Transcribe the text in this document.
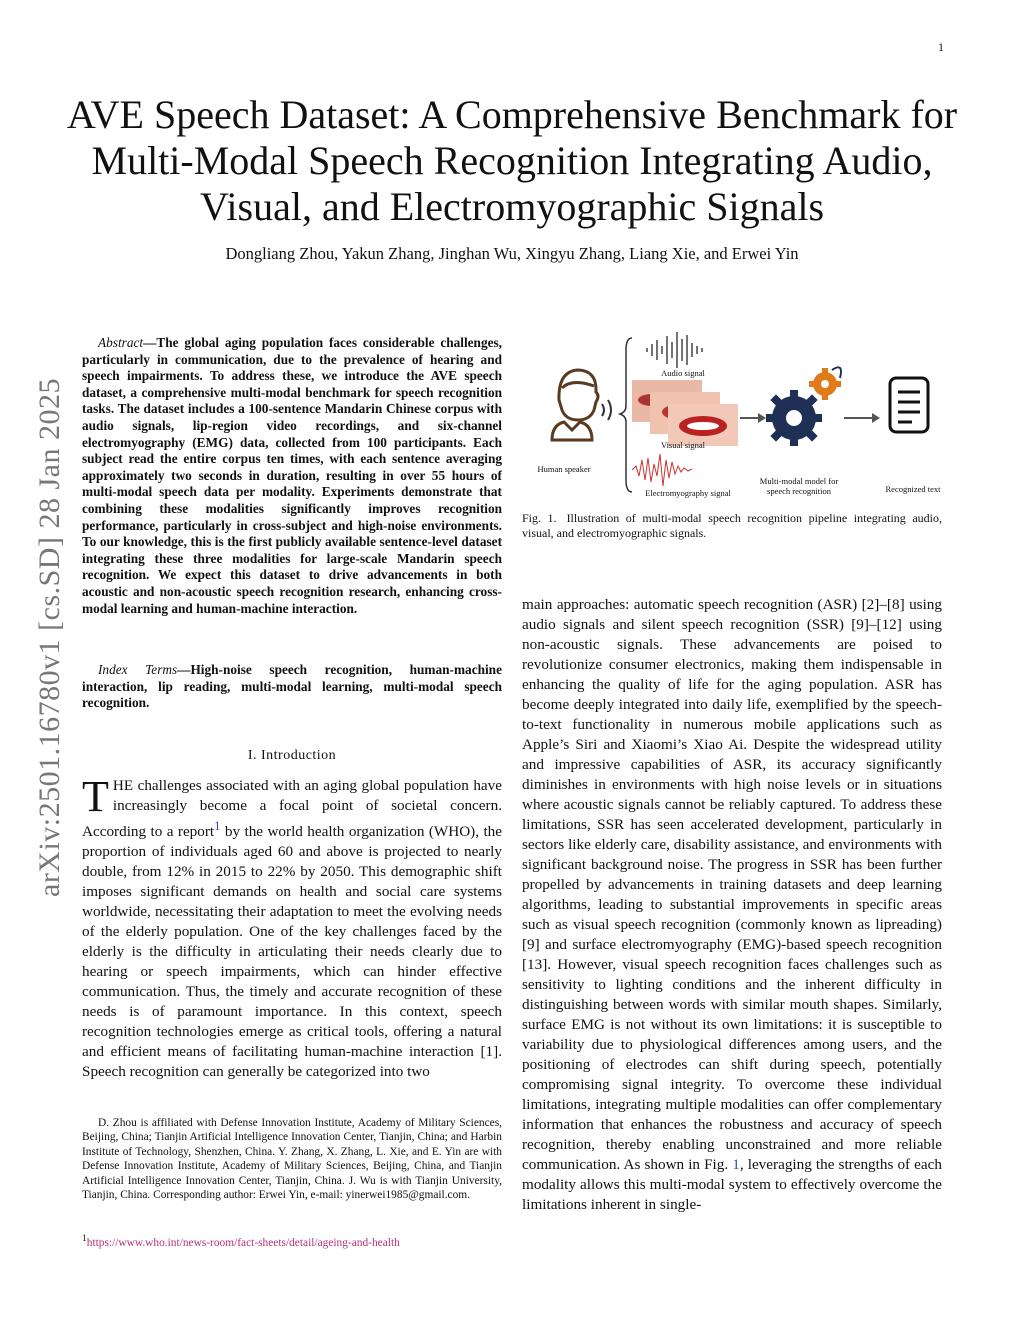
1
arXiv:2501.16780v1 [cs.SD] 28 Jan 2025
AVE Speech Dataset: A Comprehensive Benchmark for Multi-Modal Speech Recognition Integrating Audio, Visual, and Electromyographic Signals
Dongliang Zhou, Yakun Zhang, Jinghan Wu, Xingyu Zhang, Liang Xie, and Erwei Yin
Abstract—The global aging population faces considerable challenges, particularly in communication, due to the prevalence of hearing and speech impairments. To address these, we introduce the AVE speech dataset, a comprehensive multi-modal benchmark for speech recognition tasks. The dataset includes a 100-sentence Mandarin Chinese corpus with audio signals, lip-region video recordings, and six-channel electromyography (EMG) data, collected from 100 participants. Each subject read the entire corpus ten times, with each sentence averaging approximately two seconds in duration, resulting in over 55 hours of multi-modal speech data per modality. Experiments demonstrate that combining these modalities significantly improves recognition performance, particularly in cross-subject and high-noise environments. To our knowledge, this is the first publicly available sentence-level dataset integrating these three modalities for large-scale Mandarin speech recognition. We expect this dataset to drive advancements in both acoustic and non-acoustic speech recognition research, enhancing cross-modal learning and human-machine interaction.
Index Terms—High-noise speech recognition, human-machine interaction, lip reading, multi-modal learning, multi-modal speech recognition.
I. Introduction
THE challenges associated with an aging global population have increasingly become a focal point of societal concern. According to a report$^1$ by the world health organization (WHO), the proportion of individuals aged 60 and above is projected to nearly double, from 12% in 2015 to 22% by 2050. This demographic shift imposes significant demands on health and social care systems worldwide, necessitating their adaptation to meet the evolving needs of the elderly population. One of the key challenges faced by the elderly is the difficulty in articulating their needs clearly due to hearing or speech impairments, which can hinder effective communication. Thus, the timely and accurate recognition of these needs is of paramount importance. In this context, speech recognition technologies emerge as critical tools, offering a natural and efficient means of facilitating human-machine interaction [1]. Speech recognition can generally be categorized into two
D. Zhou is affiliated with Defense Innovation Institute, Academy of Military Sciences, Beijing, China; Tianjin Artificial Intelligence Innovation Center, Tianjin, China; and Harbin Institute of Technology, Shenzhen, China. Y. Zhang, X. Zhang, L. Xie, and E. Yin are with Defense Innovation Institute, Academy of Military Sciences, Beijing, China, and Tianjin Artificial Intelligence Innovation Center, Tianjin, China. J. Wu is with Tianjin University, Tianjin, China. Corresponding author: Erwei Yin, e-mail: yinerwei1985@gmail.com.
$^1$https://www.who.int/news-room/fact-sheets/detail/ageing-and-health
Human speaker
Audio signal
Visual signal
Electromyography signal
Multi-modal model for speech recognition	Recognized text
Fig. 1. Illustration of multi-modal speech recognition pipeline integrating audio, visual, and electromyographic signals.
main approaches: automatic speech recognition (ASR) [2]–[8] using audio signals and silent speech recognition (SSR) [9]–[12] using non-acoustic signals. These advancements are poised to revolutionize consumer electronics, making them indispensable in enhancing the quality of life for the aging population. ASR has become deeply integrated into daily life, exemplified by the speech-to-text functionality in numerous mobile applications such as Apple’s Siri and Xiaomi’s Xiao Ai. Despite the widespread utility and impressive capabilities of ASR, its accuracy significantly diminishes in environments with high noise levels or in situations where acoustic signals cannot be reliably captured. To address these limitations, SSR has seen accelerated development, particularly in sectors like elderly care, disability assistance, and environments with significant background noise. The progress in SSR has been further propelled by advancements in training datasets and deep learning algorithms, leading to substantial improvements in specific areas such as visual speech recognition (commonly known as lipreading) [9] and surface electromyography (EMG)-based speech recognition [13]. However, visual speech recognition faces challenges such as sensitivity to lighting conditions and the inherent difficulty in distinguishing between words with similar mouth shapes. Similarly, surface EMG is not without its own limitations: it is susceptible to variability due to physiological differences among users, and the positioning of electrodes can shift during speech, potentially compromising signal integrity. To overcome these individual limitations, integrating multiple modalities can offer complementary information that enhances the robustness and accuracy of speech recognition, thereby enabling unconstrained and more reliable communication. As shown in Fig. 1, leveraging the strengths of each modality allows this multi-modal system to effectively overcome the limitations inherent in single-
